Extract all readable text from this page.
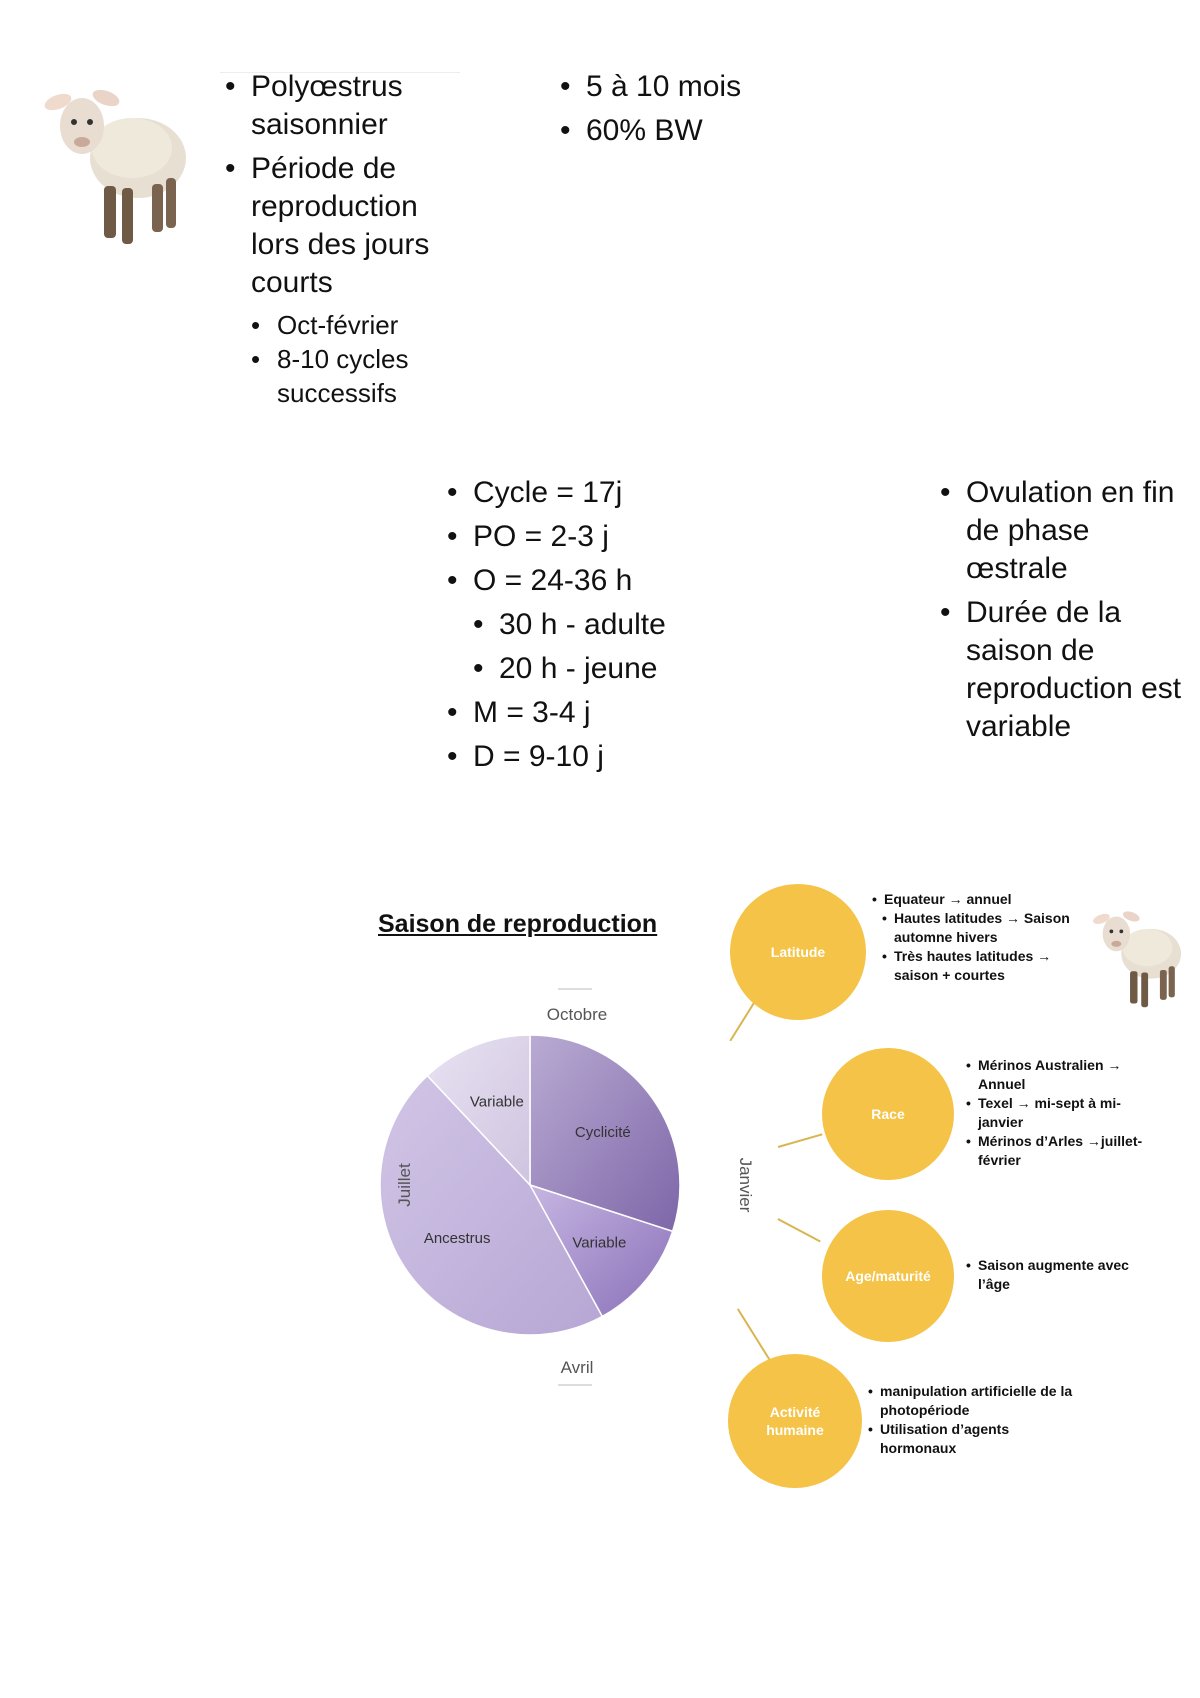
• Polyœstrus saisonnier
• Période de reproduction lors des jours courts
• Oct-février
• 8-10 cycles successifs
• 5 à 10 mois
• 60% BW
• Cycle = 17j
• PO = 2-3 j
• O = 24-36 h
• 30 h - adulte
• 20 h - jeune
• M = 3-4 j
• D = 9-10 j
• Ovulation en fin de phase œstrale
• Durée de la saison de reproduction est variable
Saison de reproduction
Cyclicité
Variable
Ancestrus
Variable
Octobre
Avril
Janvier
Juillet
Latitude
Race
Age/maturité
Activité humaine
• Equateur → annuel
• Hautes latitudes → Saison automne hivers
• Très hautes latitudes → saison + courtes
• Mérinos Australien → Annuel
• Texel → mi-sept à mi-janvier
• Mérinos d’Arles →juillet-février
• Saison augmente avec l’âge
• manipulation artificielle de la photopériode
• Utilisation d’agents hormonaux
